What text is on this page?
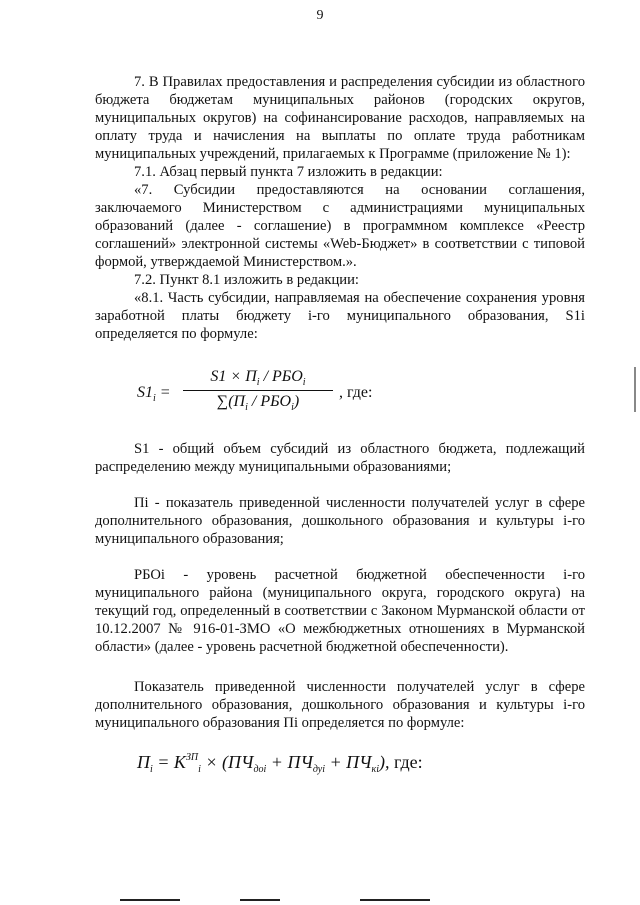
9

7. В Правилах предоставления и распределения субсидии из областного бюджета бюджетам муниципальных районов (городских округов, муниципальных округов) на софинансирование расходов, направляемых на оплату труда и начисления на выплаты по оплате труда работникам муниципальных учреждений, прилагаемых к Программе (приложение № 1):

7.1. Абзац первый пункта 7 изложить в редакции:

«7. Субсидии предоставляются на основании соглашения, заключаемого Министерством с администрациями муниципальных образований (далее - соглашение) в программном комплексе «Реестр соглашений» электронной системы «Web-Бюджет» в соответствии с типовой формой, утверждаемой Министерством.».

7.2. Пункт 8.1 изложить в редакции:

«8.1. Часть субсидии, направляемая на обеспечение сохранения уровня заработной платы бюджету i-го муниципального образования, S1i определяется по формуле:

$S1_i$ =
$S1 \times П_i / РБО_i$
$\sum(П_i / РБО_i)$
, где:

S1 - общий объем субсидий из областного бюджета, подлежащий распределению между муниципальными образованиями;

Пi - показатель приведенной численности получателей услуг в сфере дополнительного образования, дошкольного образования и культуры i-го муниципального образования;

РБОi - уровень расчетной бюджетной обеспеченности i-го муниципального района (муниципального округа, городского округа) на текущий год, определенный в соответствии с Законом Мурманской области от 10.12.2007 № 916-01-ЗМО «О межбюджетных отношениях в Мурманской области» (далее - уровень расчетной бюджетной обеспеченности).

Показатель приведенной численности получателей услуг в сфере дополнительного образования, дошкольного образования и культуры i-го муниципального образования Пi определяется по формуле:

$П_i = K^{ЗП}_i \times (ПЧ_{доi} + ПЧ_{дуi} + ПЧ_{кi})$, где:
